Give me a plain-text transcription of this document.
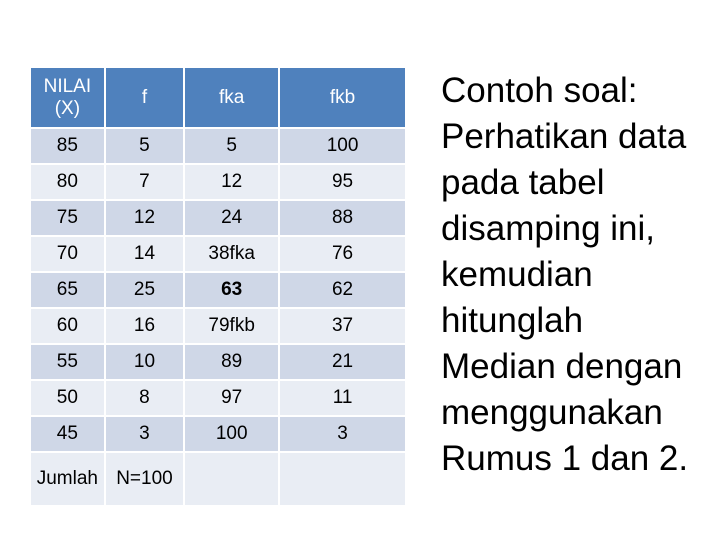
NILAI (X)	f	fka	fkb
85	5	5	100
80	7	12	95
75	12	24	88
70	14	38fka	76
65	25	63	62
60	16	79fkb	37
55	10	89	21
50	8	97	11
45	3	100	3
Jumlah	N=100		
Contoh soal:
Perhatikan data
pada tabel
disamping ini,
kemudian
hitunglah
Median dengan
menggunakan
Rumus 1 dan 2.
